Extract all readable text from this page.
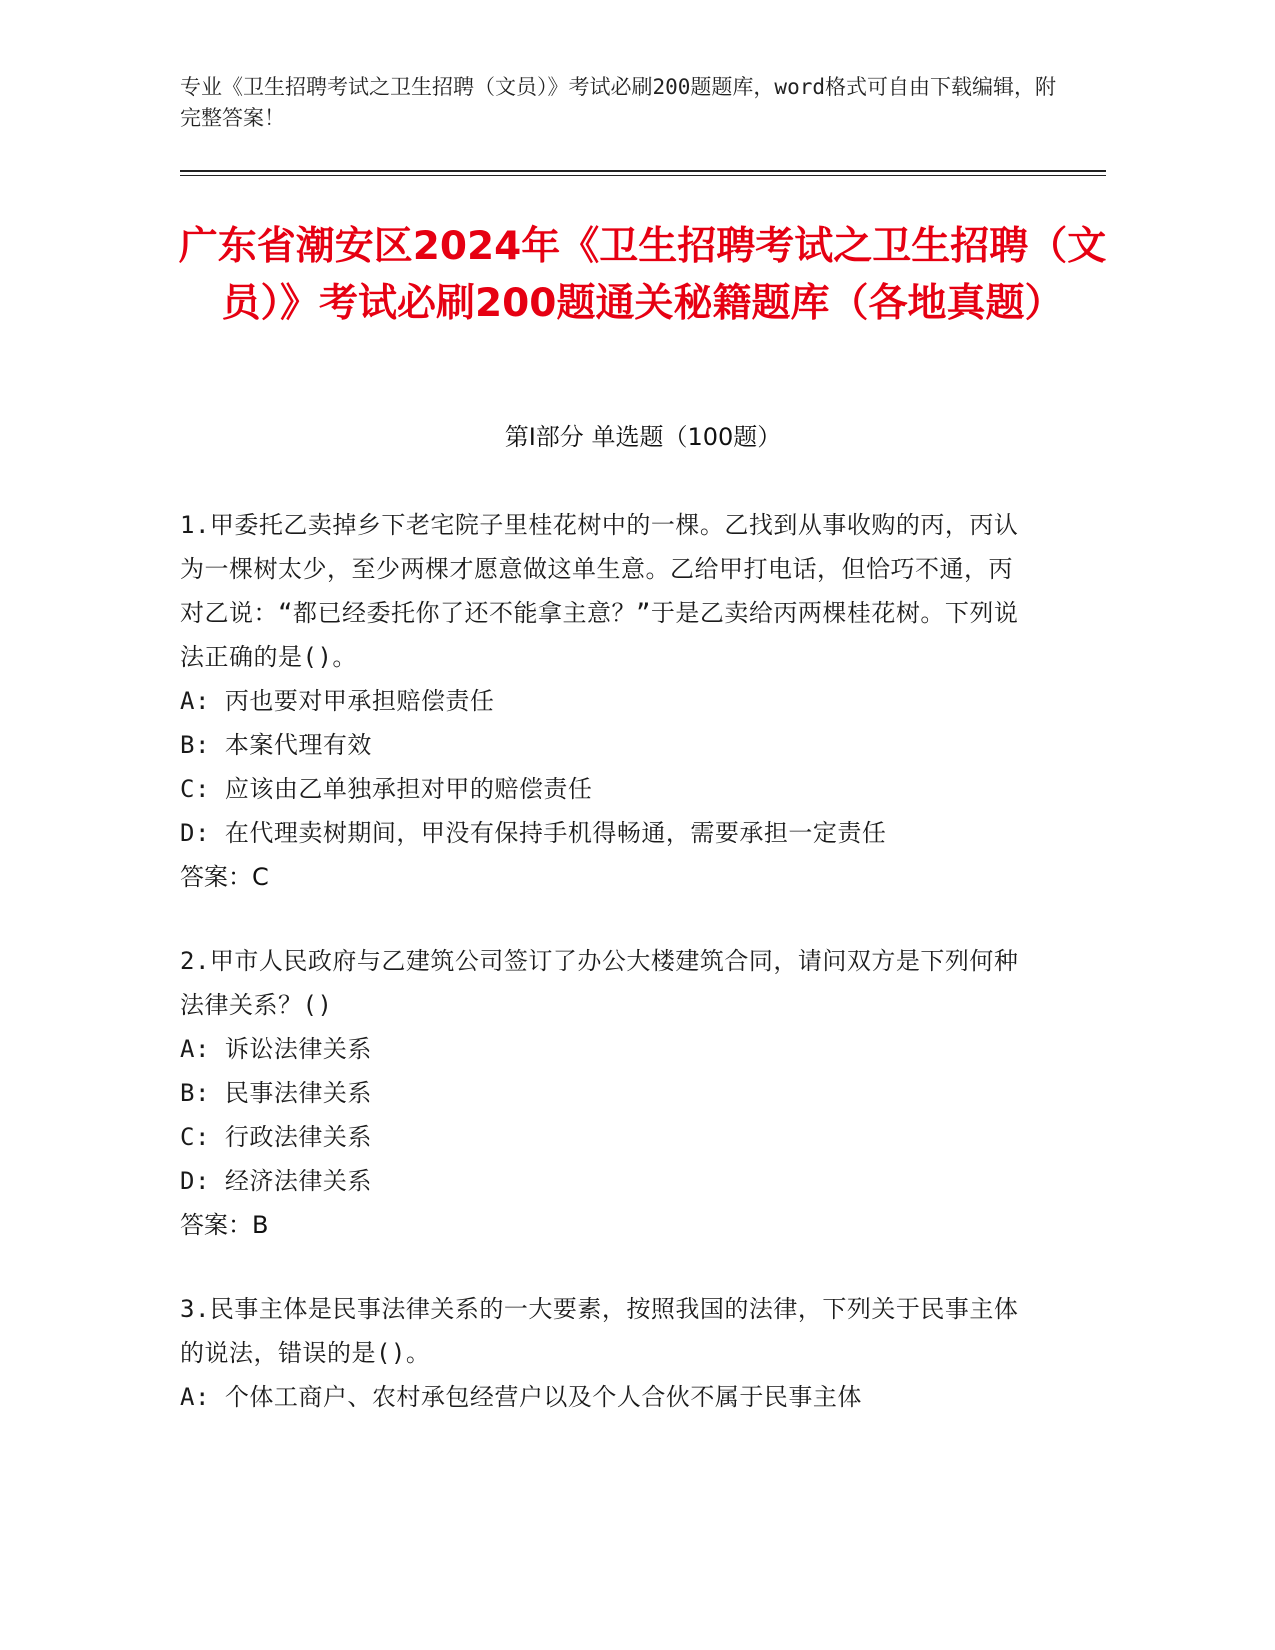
专业《卫生招聘考试之卫生招聘（文员）》考试必刷200题题库，word格式可自由下载编辑，附完整答案！
广东省潮安区2024年《卫生招聘考试之卫生招聘（文员）》考试必刷200题通关秘籍题库（各地真题）
第Ⅰ部分 单选题（100题）
1.甲委托乙卖掉乡下老宅院子里桂花树中的一棵。乙找到从事收购的丙，丙认为一棵树太少，至少两棵才愿意做这单生意。乙给甲打电话，但恰巧不通，丙对乙说：“都已经委托你了还不能拿主意？”于是乙卖给丙两棵桂花树。下列说法正确的是()。
A: 丙也要对甲承担赔偿责任
B: 本案代理有效
C: 应该由乙单独承担对甲的赔偿责任
D: 在代理卖树期间，甲没有保持手机得畅通，需要承担一定责任
答案：C
2.甲市人民政府与乙建筑公司签订了办公大楼建筑合同，请问双方是下列何种法律关系？()
A: 诉讼法律关系
B: 民事法律关系
C: 行政法律关系
D: 经济法律关系
答案：B
3.民事主体是民事法律关系的一大要素，按照我国的法律，下列关于民事主体的说法，错误的是()。
A: 个体工商户、农村承包经营户以及个人合伙不属于民事主体
